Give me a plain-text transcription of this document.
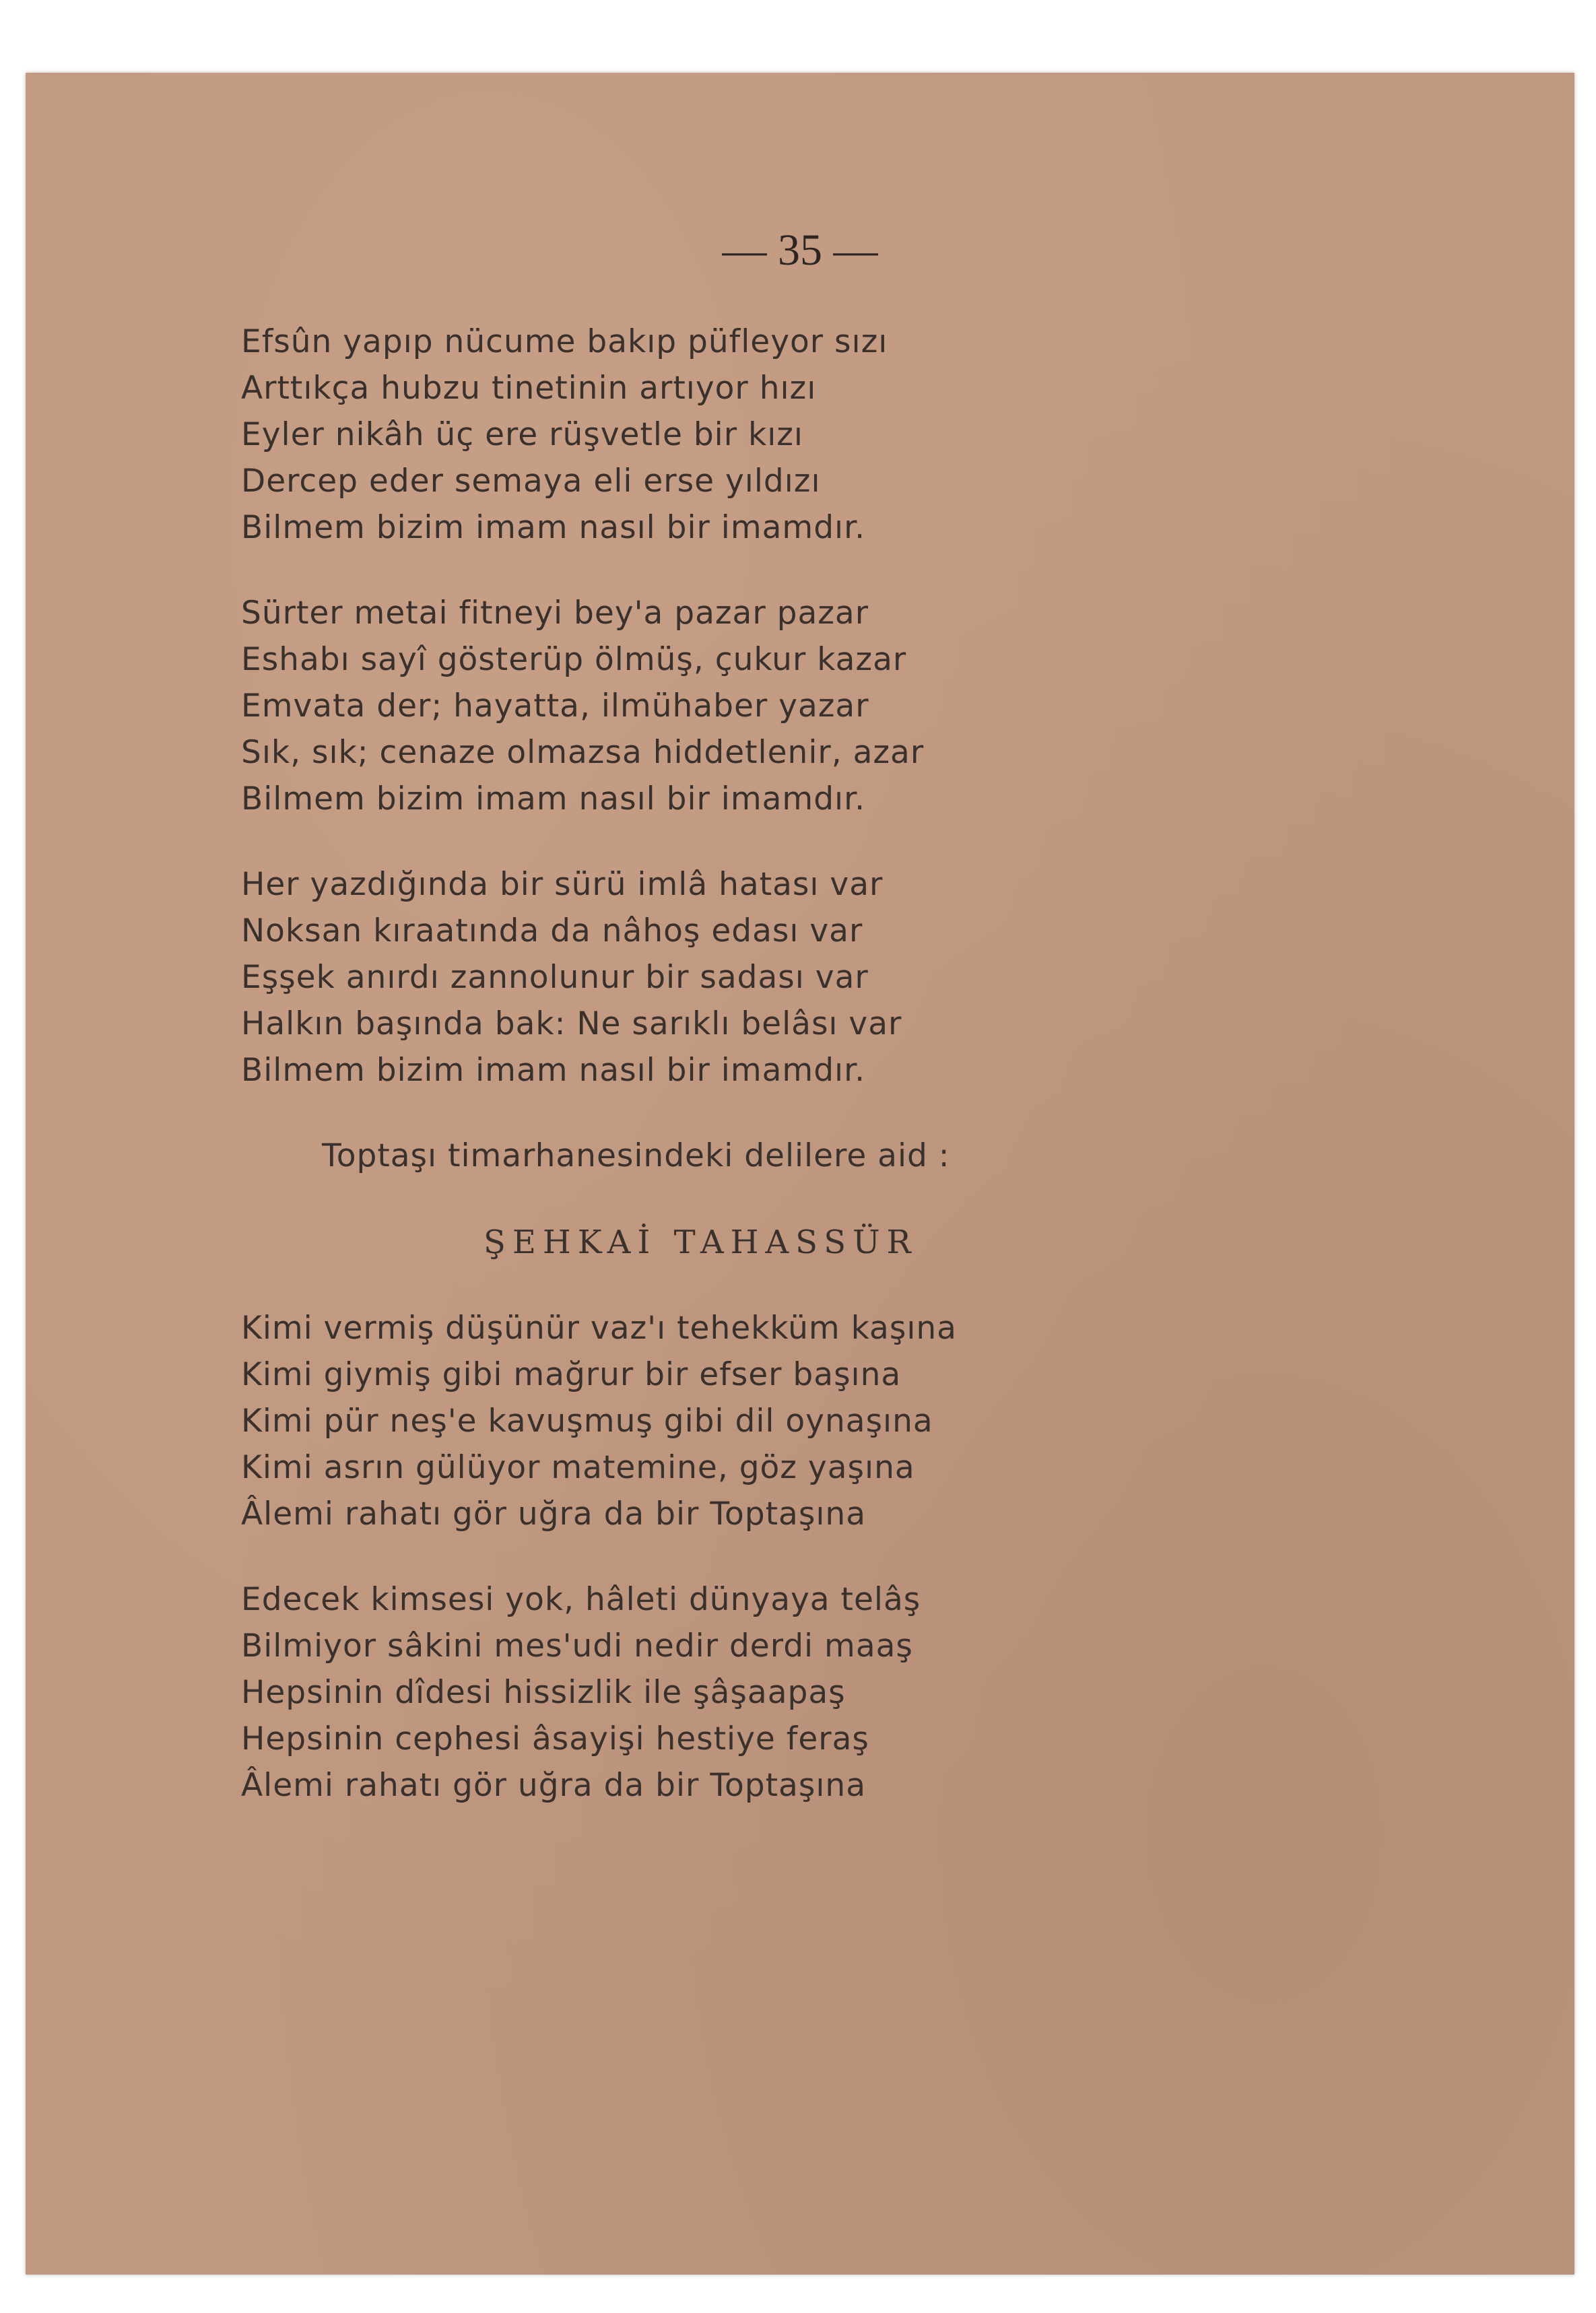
— 35 —
Efsûn yapıp nücume bakıp püfleyor sızı
Arttıkça hubzu tinetinin artıyor hızı
Eyler nikâh üç ere rüşvetle bir kızı
Dercep eder semaya eli erse yıldızı
Bilmem bizim imam nasıl bir imamdır.
Sürter metai fitneyi bey'a pazar pazar
Eshabı sayî gösterüp ölmüş, çukur kazar
Emvata der; hayatta, ilmühaber yazar
Sık, sık; cenaze olmazsa hiddetlenir, azar
Bilmem bizim imam nasıl bir imamdır.
Her yazdığında bir sürü imlâ hatası var
Noksan kıraatında da nâhoş edası var
Eşşek anırdı zannolunur bir sadası var
Halkın başında bak: Ne sarıklı belâsı var
Bilmem bizim imam nasıl bir imamdır.
Toptaşı timarhanesindeki delilere aid :
ŞEHKAİ TAHASSÜR
Kimi vermiş düşünür vaz'ı tehekküm kaşına
Kimi giymiş gibi mağrur bir efser başına
Kimi pür neş'e kavuşmuş gibi dil oynaşına
Kimi asrın gülüyor matemine, göz yaşına
Âlemi rahatı gör uğra da bir Toptaşına
Edecek kimsesi yok, hâleti dünyaya telâş
Bilmiyor sâkini mes'udi nedir derdi maaş
Hepsinin dîdesi hissizlik ile şâşaapaş
Hepsinin cephesi âsayişi hestiye feraş
Âlemi rahatı gör uğra da bir Toptaşına
